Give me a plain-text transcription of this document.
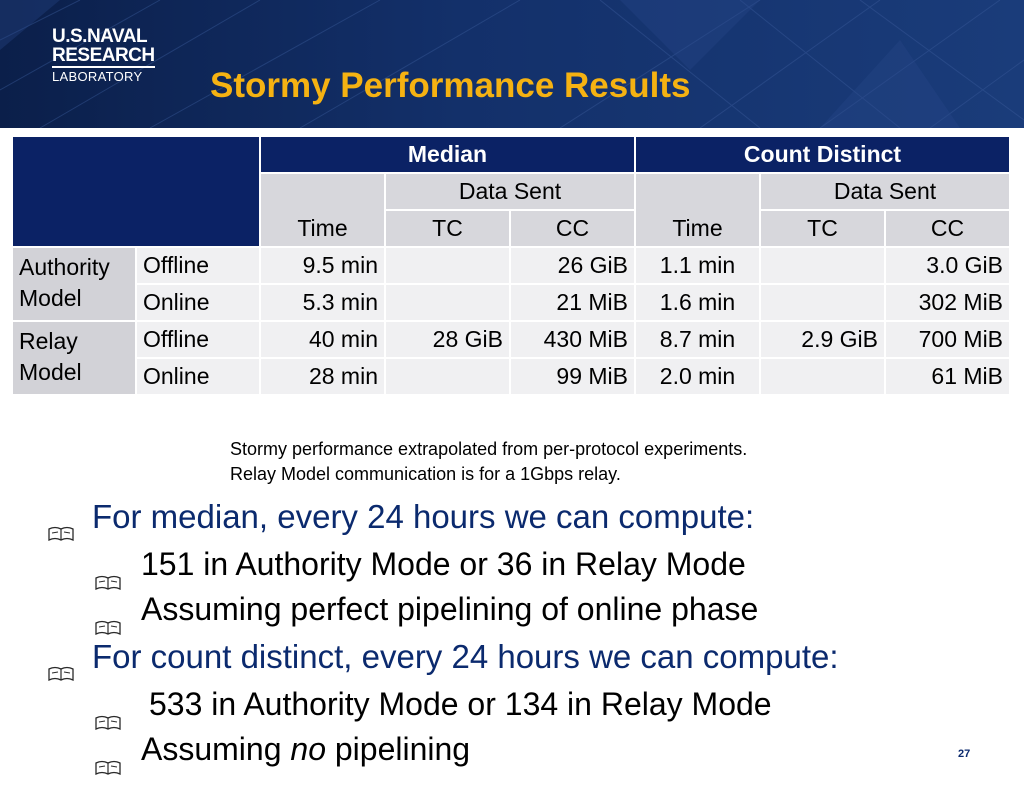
U.S.NAVAL
RESEARCH
LABORATORY	Stormy Performance Results
		Median			Count Distinct		
		Time	Data Sent		Time	Data Sent	
			TC	CC		TC	CC
Authority Model	Offline	9.5 min		26 GiB	1.1 min		3.0 GiB
	Online	5.3 min		21 MiB	1.6 min		302 MiB
Relay Model	Offline	40 min	28 GiB	430 MiB	8.7 min	2.9 GiB	700 MiB
	Online	28 min		99 MiB	2.0 min		61 MiB
Stormy performance extrapolated from per-protocol experiments.
Relay Model communication is for a 1Gbps relay.
For median, every 24 hours we can compute:
151 in Authority Mode or 36 in Relay Mode
Assuming perfect pipelining of online phase
For count distinct, every 24 hours we can compute:
533 in Authority Mode or 134 in Relay Mode
Assuming no pipelining	27
